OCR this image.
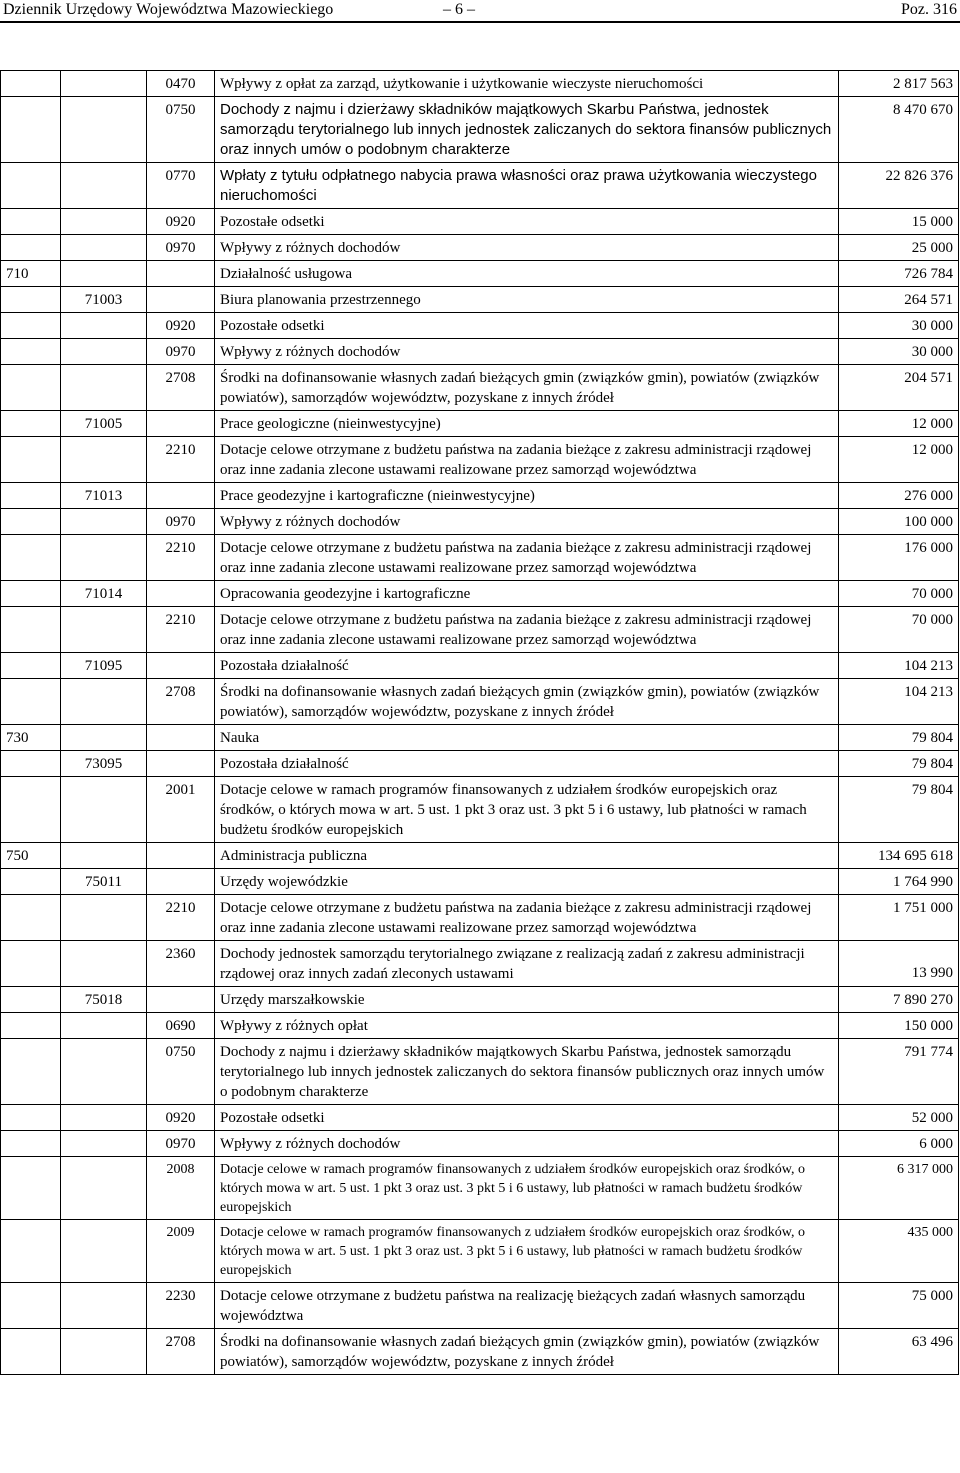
Dziennik Urzędowy Województwa Mazowieckiego	– 6 –	Poz. 316
		0470	Wpływy z opłat za zarząd, użytkowanie i użytkowanie wieczyste nieruchomości	2 817 563
		0750	Dochody z najmu i dzierżawy składników majątkowych Skarbu Państwa, jednostek samorządu terytorialnego lub innych jednostek zaliczanych do sektora finansów publicznych oraz innych umów o podobnym charakterze	8 470 670
		0770	Wpłaty z tytułu odpłatnego nabycia prawa własności oraz prawa użytkowania wieczystego nieruchomości	22 826 376
		0920	Pozostałe odsetki	15 000
		0970	Wpływy z różnych dochodów	25 000
710			Działalność usługowa	726 784
	71003		Biura planowania przestrzennego	264 571
		0920	Pozostałe odsetki	30 000
		0970	Wpływy z różnych dochodów	30 000
		2708	Środki na dofinansowanie własnych zadań bieżących gmin (związków gmin), powiatów (związków powiatów), samorządów województw, pozyskane z innych źródeł	204 571
	71005		Prace geologiczne (nieinwestycyjne)	12 000
		2210	Dotacje celowe otrzymane z budżetu państwa na zadania bieżące z zakresu administracji rządowej oraz inne zadania zlecone ustawami realizowane przez samorząd województwa	12 000
	71013		Prace geodezyjne i kartograficzne (nieinwestycyjne)	276 000
		0970	Wpływy z różnych dochodów	100 000
		2210	Dotacje celowe otrzymane z budżetu państwa na zadania bieżące z zakresu administracji rządowej oraz inne zadania zlecone ustawami realizowane przez samorząd województwa	176 000
	71014		Opracowania geodezyjne i kartograficzne	70 000
		2210	Dotacje celowe otrzymane z budżetu państwa na zadania bieżące z zakresu administracji rządowej oraz inne zadania zlecone ustawami realizowane przez samorząd województwa	70 000
	71095		Pozostała działalność	104 213
		2708	Środki na dofinansowanie własnych zadań bieżących gmin (związków gmin), powiatów (związków powiatów), samorządów województw, pozyskane z innych źródeł	104 213
730			Nauka	79 804
	73095		Pozostała działalność	79 804
		2001	Dotacje celowe w ramach programów finansowanych z udziałem środków europejskich oraz środków, o których mowa w art. 5 ust. 1 pkt 3 oraz ust. 3 pkt 5 i 6 ustawy, lub płatności w ramach budżetu środków europejskich	79 804
750			Administracja publiczna	134 695 618
	75011		Urzędy wojewódzkie	1 764 990
		2210	Dotacje celowe otrzymane z budżetu państwa na zadania bieżące z zakresu administracji rządowej oraz inne zadania zlecone ustawami realizowane przez samorząd województwa	1 751 000
		2360	Dochody jednostek samorządu terytorialnego związane z realizacją zadań z zakresu administracji rządowej oraz innych zadań zleconych ustawami	13 990
	75018		Urzędy marszałkowskie	7 890 270
		0690	Wpływy z różnych opłat	150 000
		0750	Dochody z najmu i dzierżawy składników majątkowych Skarbu Państwa, jednostek samorządu terytorialnego lub innych jednostek zaliczanych do sektora finansów publicznych oraz innych umów o podobnym charakterze	791 774
		0920	Pozostałe odsetki	52 000
		0970	Wpływy z różnych dochodów	6 000
		2008	Dotacje celowe w ramach programów finansowanych z udziałem środków europejskich oraz środków, o których mowa w art. 5 ust. 1 pkt 3 oraz ust. 3 pkt 5 i 6 ustawy, lub płatności w ramach budżetu środków europejskich	6 317 000
		2009	Dotacje celowe w ramach programów finansowanych z udziałem środków europejskich oraz środków, o których mowa w art. 5 ust. 1 pkt 3 oraz ust. 3 pkt 5 i 6 ustawy, lub płatności w ramach budżetu środków europejskich	435 000
		2230	Dotacje celowe otrzymane z budżetu państwa na realizację bieżących zadań własnych samorządu województwa	75 000
		2708	Środki na dofinansowanie własnych zadań bieżących gmin (związków gmin), powiatów (związków powiatów), samorządów województw, pozyskane z innych źródeł	63 496
